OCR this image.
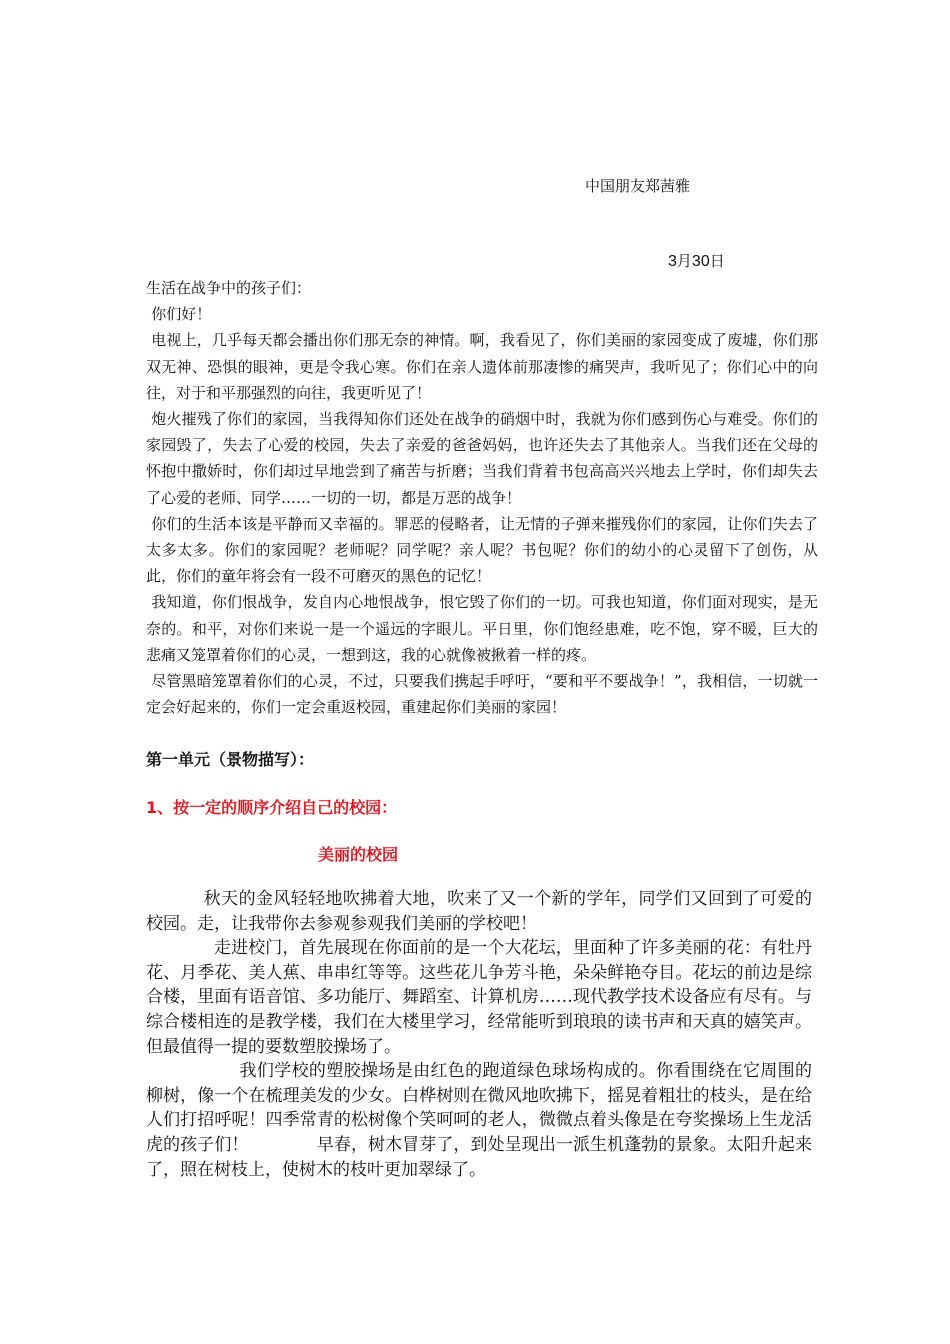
中国朋友郑茜雅
3月30日

生活在战争中的孩子们：

你们好！

电视上，几乎每天都会播出你们那无奈的神情。啊，我看见了，你们美丽的家园变成了废墟，你们那双无神、恐惧的眼神，更是令我心寒。你们在亲人遗体前那凄惨的痛哭声，我听见了；你们心中的向往，对于和平那强烈的向往，我更听见了！

炮火摧残了你们的家园，当我得知你们还处在战争的硝烟中时，我就为你们感到伤心与难受。你们的家园毁了，失去了心爱的校园，失去了亲爱的爸爸妈妈，也许还失去了其他亲人。当我们还在父母的怀抱中撒娇时，你们却过早地尝到了痛苦与折磨；当我们背着书包高高兴兴地去上学时，你们却失去了心爱的老师、同学……一切的一切，都是万恶的战争！

你们的生活本该是平静而又幸福的。罪恶的侵略者，让无情的子弹来摧残你们的家园，让你们失去了太多太多。你们的家园呢？老师呢？同学呢？亲人呢？书包呢？你们的幼小的心灵留下了创伤，从此，你们的童年将会有一段不可磨灭的黑色的记忆！

我知道，你们恨战争，发自内心地恨战争，恨它毁了你们的一切。可我也知道，你们面对现实，是无奈的。和平，对你们来说一是一个遥远的字眼儿。平日里，你们饱经患难，吃不饱，穿不暖，巨大的悲痛又笼罩着你们的心灵，一想到这，我的心就像被揪着一样的疼。

尽管黑暗笼罩着你们的心灵，不过，只要我们携起手呼吁，“要和平不要战争！”，我相信，一切就一定会好起来的，你们一定会重返校园，重建起你们美丽的家园！

第一单元（景物描写）：
1、按一定的顺序介绍自己的校园：
美丽的校园

秋天的金风轻轻地吹拂着大地，吹来了又一个新的学年，同学们又回到了可爱的校园。走，让我带你去参观参观我们美丽的学校吧！

走进校门，首先展现在你面前的是一个大花坛，里面种了许多美丽的花：有牡丹花、月季花、美人蕉、串串红等等。这些花儿争芳斗艳，朵朵鲜艳夺目。花坛的前边是综合楼，里面有语音馆、多功能厅、舞蹈室、计算机房……现代教学技术设备应有尽有。与综合楼相连的是教学楼，我们在大楼里学习，经常能听到琅琅的读书声和天真的嬉笑声。但最值得一提的要数塑胶操场了。

我们学校的塑胶操场是由红色的跑道绿色球场构成的。你看围绕在它周围的柳树，像一个在梳理美发的少女。白桦树则在微风地吹拂下，摇晃着粗壮的枝头，是在给人们打招呼呢！四季常青的松树像个笑呵呵的老人，微微点着头像是在夸奖操场上生龙活虎的孩子们！　　　　早春，树木冒芽了，到处呈现出一派生机蓬勃的景象。太阳升起来了，照在树枝上，使树木的枝叶更加翠绿了。
